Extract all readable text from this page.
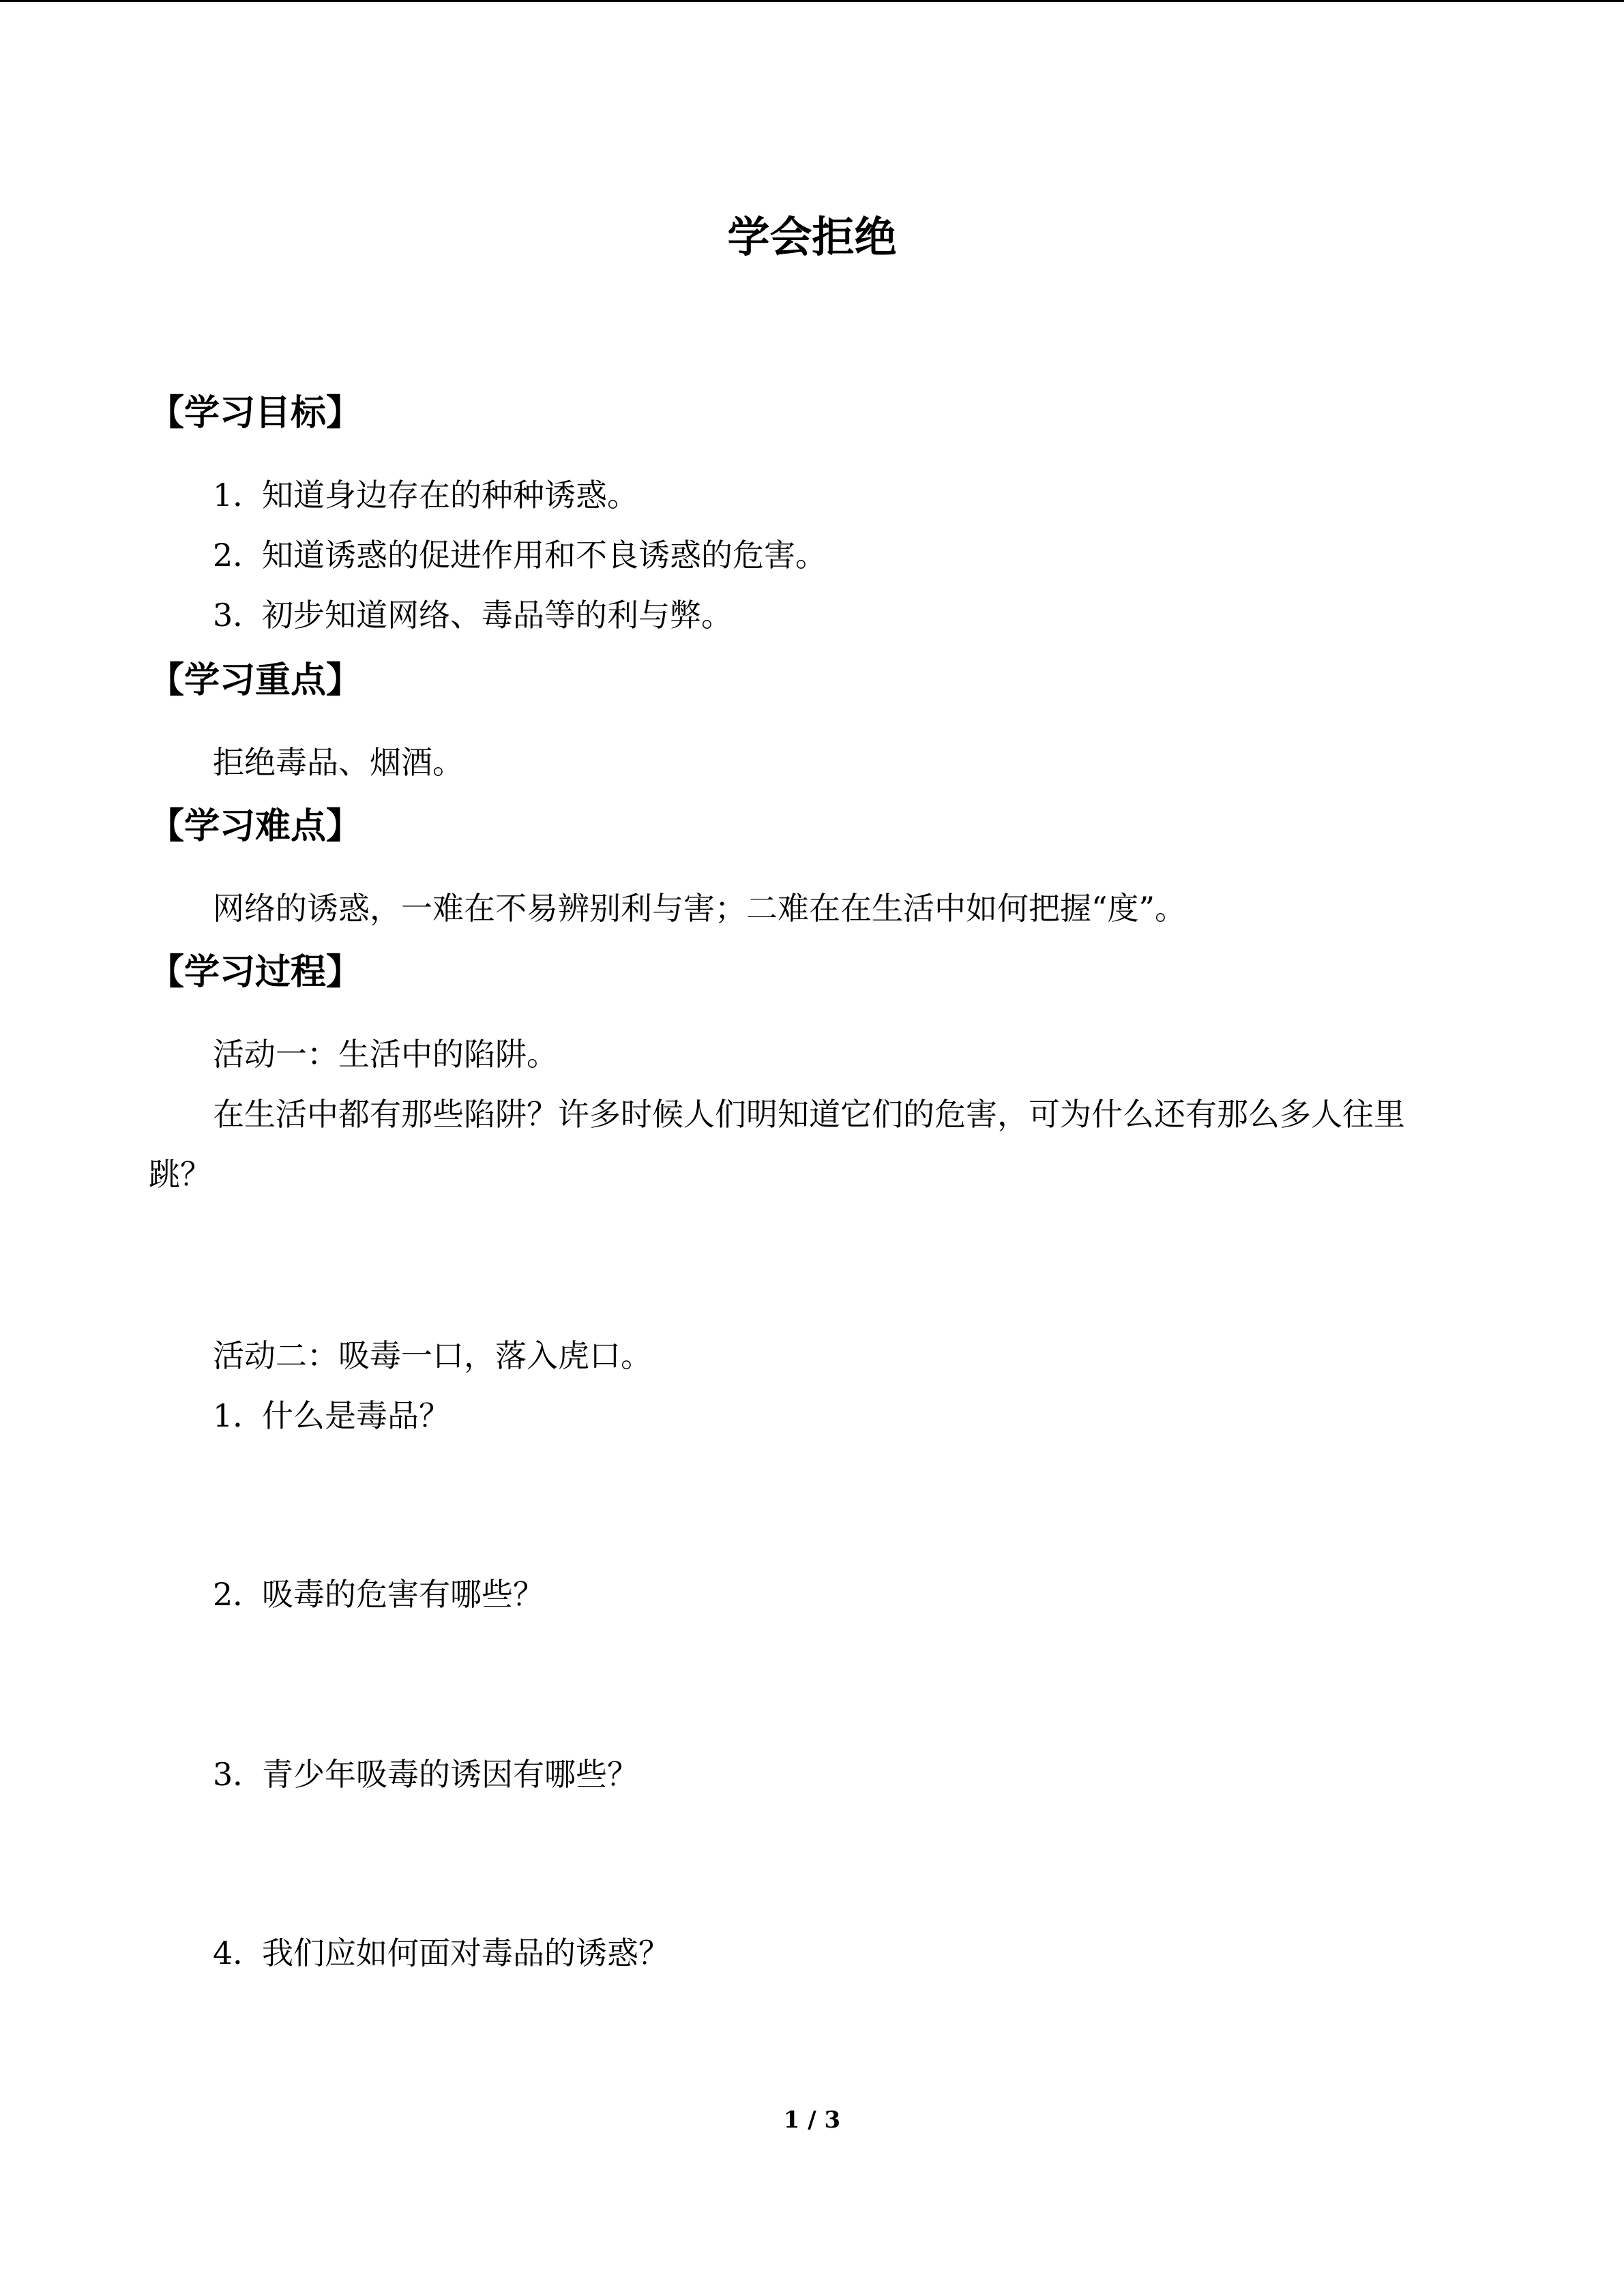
学会拒绝
【学习目标】
1．知道身边存在的种种诱惑。
2．知道诱惑的促进作用和不良诱惑的危害。
3．初步知道网络、毒品等的利与弊。
【学习重点】
拒绝毒品、烟酒。
【学习难点】
网络的诱惑，一难在不易辨别利与害；二难在在生活中如何把握“度”。
【学习过程】
活动一：生活中的陷阱。
在生活中都有那些陷阱？许多时候人们明知道它们的危害，可为什么还有那么多人往里
跳？
活动二：吸毒一口，落入虎口。
1．什么是毒品？
2．吸毒的危害有哪些？
3．青少年吸毒的诱因有哪些？
4．我们应如何面对毒品的诱惑？
1 / 3
